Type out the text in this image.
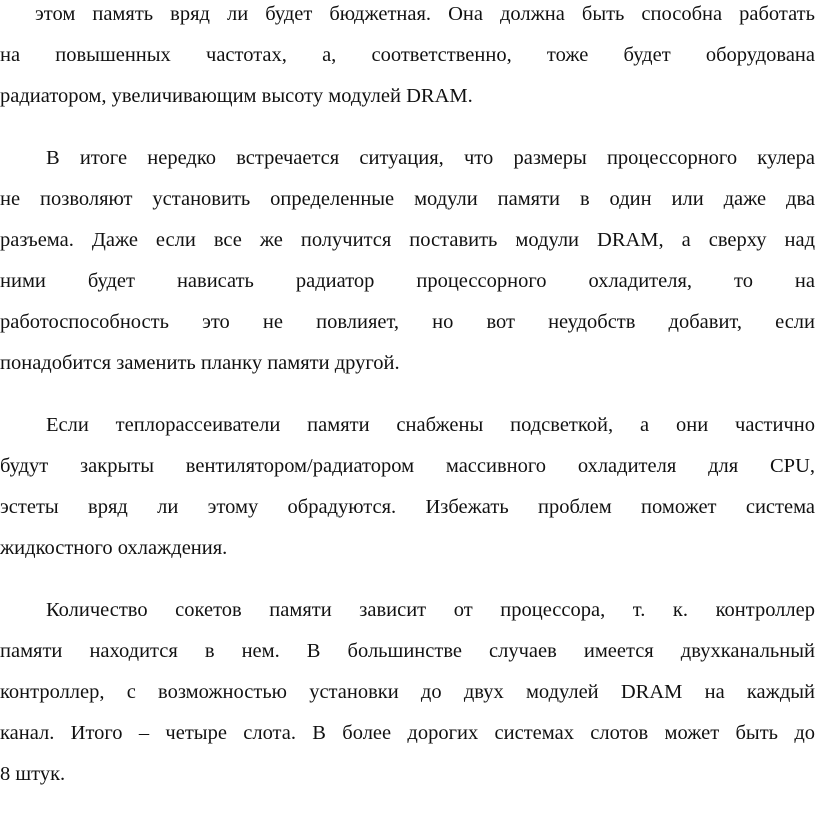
этом память вряд ли будет бюджетная. Она должна быть способна работать
на повышенных частотах, а, соответственно, тоже будет оборудована
радиатором, увеличивающим высоту модулей DRAM.
В итоге нередко встречается ситуация, что размеры процессорного кулера
не позволяют установить определенные модули памяти в один или даже два
разъема. Даже если все же получится поставить модули DRAM, а сверху над
ними будет нависать радиатор процессорного охладителя, то на
работоспособность это не повлияет, но вот неудобств добавит, если
понадобится заменить планку памяти другой.
Если теплорассеиватели памяти снабжены подсветкой, а они частично
будут закрыты вентилятором/радиатором массивного охладителя для CPU,
эстеты вряд ли этому обрадуются. Избежать проблем поможет система
жидкостного охлаждения.
Количество сокетов памяти зависит от процессора, т. к. контроллер
памяти находится в нем. В большинстве случаев имеется двухканальный
контроллер, с возможностью установки до двух модулей DRAM на каждый
канал. Итого – четыре слота. В более дорогих системах слотов может быть до
8 штук.
